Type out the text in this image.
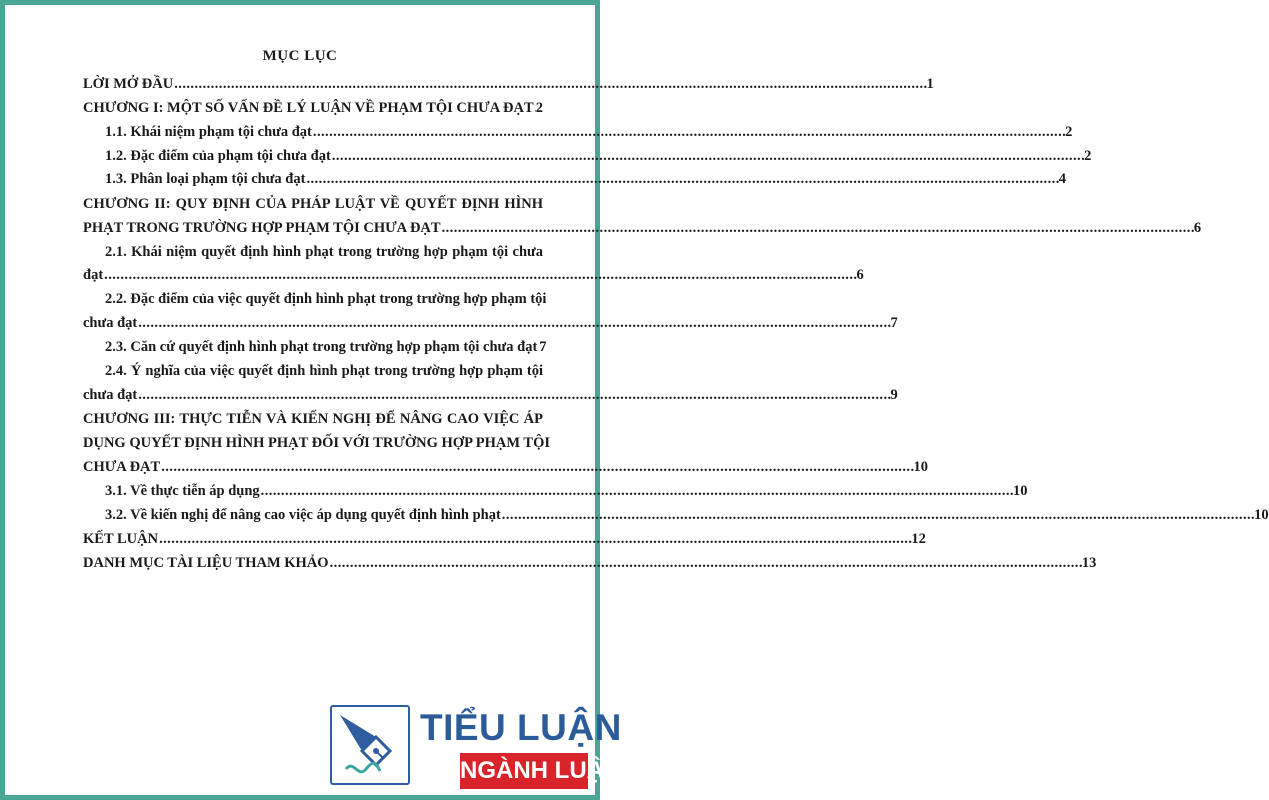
MỤC LỤC
LỜI MỞ ĐẦU . . .	1
CHƯƠNG I: MỘT SỐ VẤN ĐỀ LÝ LUẬN VỀ PHẠM TỘI CHƯA ĐẠT . . . 2
1.1. Khái niệm phạm tội chưa đạt . . .	2
1.2. Đặc điểm của phạm tội chưa đạt . . .	2
1.3. Phân loại phạm tội chưa đạt . . .	4
CHƯƠNG II: QUY ĐỊNH CỦA PHÁP LUẬT VỀ QUYẾT ĐỊNH HÌNH
PHẠT TRONG TRƯỜNG HỢP PHẠM TỘI CHƯA ĐẠT . . .	6
2.1. Khái niệm quyết định hình phạt trong trường hợp phạm tội chưa
đạt . . .	6
2.2. Đặc điểm của việc quyết định hình phạt trong trường hợp phạm tội
chưa đạt . . .	7
2.3. Căn cứ quyết định hình phạt trong trường hợp phạm tội chưa đạt 7
2.4. Ý nghĩa của việc quyết định hình phạt trong trường hợp phạm tội
chưa đạt . . .	9
CHƯƠNG III: THỰC TIỄN VÀ KIẾN NGHỊ ĐỂ NÂNG CAO VIỆC ÁP
DỤNG QUYẾT ĐỊNH HÌNH PHẠT ĐỐI VỚI TRƯỜNG HỢP PHẠM TỘI
CHƯA ĐẠT . . .	10
3.1. Về thực tiễn áp dụng . . .	10
3.2. Về kiến nghị để nâng cao việc áp dụng quyết định hình phạt . . .	10
KẾT LUẬN . . .	12
DANH MỤC TÀI LIỆU THAM KHẢO . . .	13
TIỂU LUẬN
NGÀNH LUẬT
